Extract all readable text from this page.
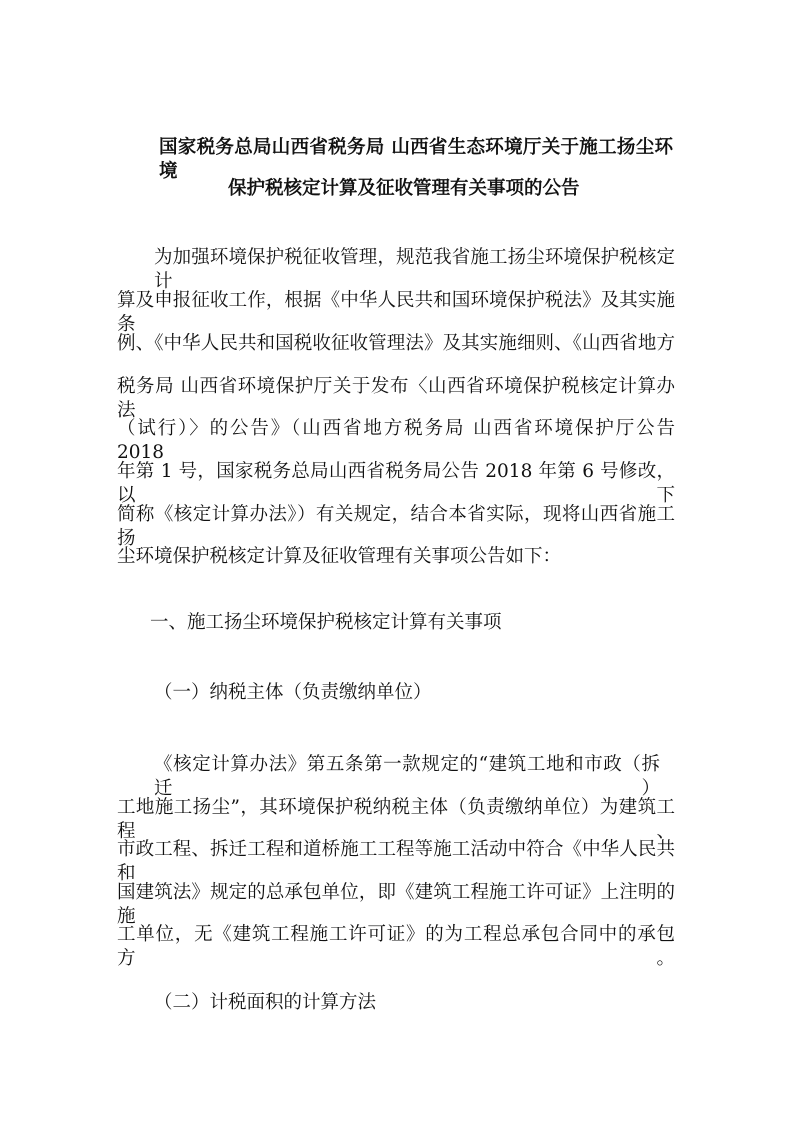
国家税务总局山西省税务局 山西省生态环境厅关于施工扬尘环境
保护税核定计算及征收管理有关事项的公告
为加强环境保护税征收管理，规范我省施工扬尘环境保护税核定计
算及申报征收工作，根据《中华人民共和国环境保护税法》及其实施条
例、《中华人民共和国税收征收管理法》及其实施细则、《山西省地方
税务局 山西省环境保护厅关于发布〈山西省环境保护税核定计算办法
（试行）〉的公告》（山西省地方税务局 山西省环境保护厅公告 2018
年第 1 号，国家税务总局山西省税务局公告 2018 年第 6 号修改，以下
简称《核定计算办法》）有关规定，结合本省实际，现将山西省施工扬
尘环境保护税核定计算及征收管理有关事项公告如下：
一、施工扬尘环境保护税核定计算有关事项
（一）纳税主体（负责缴纳单位）
《核定计算办法》第五条第一款规定的“建筑工地和市政（拆迁）
工地施工扬尘”，其环境保护税纳税主体（负责缴纳单位）为建筑工程、
市政工程、拆迁工程和道桥施工工程等施工活动中符合《中华人民共和
国建筑法》规定的总承包单位，即《建筑工程施工许可证》上注明的施
工单位，无《建筑工程施工许可证》的为工程总承包合同中的承包方。
（二）计税面积的计算方法
